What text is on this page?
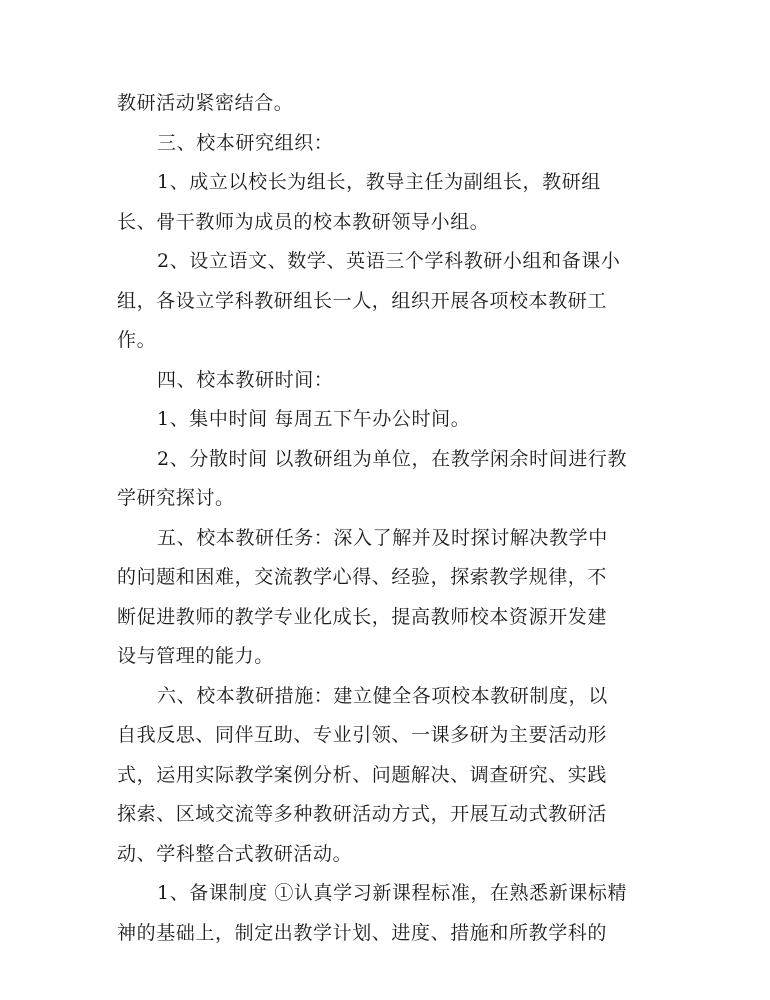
教研活动紧密结合。
三、校本研究组织：
1、成立以校长为组长，教导主任为副组长，教研组
长、骨干教师为成员的校本教研领导小组。
2、设立语文、数学、英语三个学科教研小组和备课小
组，各设立学科教研组长一人，组织开展各项校本教研工
作。
四、校本教研时间：
1、集中时间 每周五下午办公时间。
2、分散时间 以教研组为单位，在教学闲余时间进行教
学研究探讨。
五、校本教研任务：深入了解并及时探讨解决教学中
的问题和困难，交流教学心得、经验，探索教学规律，不
断促进教师的教学专业化成长，提高教师校本资源开发建
设与管理的能力。
六、校本教研措施：建立健全各项校本教研制度，以
自我反思、同伴互助、专业引领、一课多研为主要活动形
式，运用实际教学案例分析、问题解决、调查研究、实践
探索、区域交流等多种教研活动方式，开展互动式教研活
动、学科整合式教研活动。
1、备课制度 ①认真学习新课程标准，在熟悉新课标精
神的基础上，制定出教学计划、进度、措施和所教学科的
